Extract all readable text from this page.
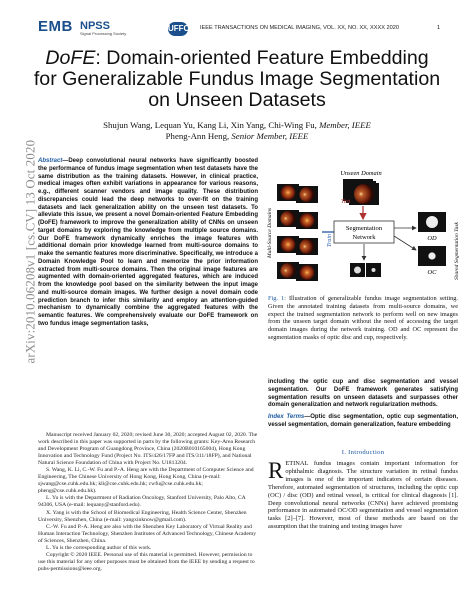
EMB NPSS
Signal Processing Society
UFFC IEEE TRANSACTIONS ON MEDICAL IMAGING, VOL. XX, NO. XX, XXXX 2020	1
DoFE: Domain-oriented Feature Embedding
for Generalizable Fundus Image Segmentation
on Unseen Datasets
Shujun Wang, Lequan Yu, Kang Li, Xin Yang, Chi-Wing Fu, Member, IEEE
Pheng-Ann Heng, Senior Member, IEEE
arXiv:2010.06208v1 [cs.CV] 13 Oct 2020 Abstract—Deep convolutional neural networks have significantly boosted the performance of fundus image segmentation when test datasets have the same distribution as the training datasets. However, in clinical practice, medical images often exhibit variations in appearance for various reasons, e.g., different scanner vendors and image quality. These distribution discrepancies could lead the deep networks to over-fit on the training datasets and lack generalization ability on the unseen test datasets. To alleviate this issue, we present a novel Domain-oriented Feature Embedding (DoFE) framework to improve the generalization ability of CNNs on unseen target domains by exploring the knowledge from multiple source domains. Our DoFE framework dynamically enriches the image features with additional domain prior knowledge learned from multi-source domains to make the semantic features more discriminative. Specifically, we introduce a Domain Knowledge Pool to learn and memorize the prior information extracted from multi-source domains. Then the original image features are augmented with domain-oriented aggregated features, which are induced from the knowledge pool based on the similarity between the input image and multi-source domain images. We further design a novel domain code prediction branch to infer this similarity and employ an attention-guided mechanism to dynamically combine the aggregated features with the semantic features. We comprehensively evaluate our DoFE framework on two fundus image segmentation tasks,

Manuscript received January 02, 2020; revised June 30, 2020; accepted August 02, 2020. The work described in this paper was supported in parts by the following grants: Key-Area Research and Development Program of Guangdong Province, China (2020B010165004), Hong Kong Innovation and Technology Fund (Project No. ITS/426/17FP and ITS/311/18FP), and National Natural Science Foundation of China with Project No. U1813204.

S. Wang, K. Li, C.-W. Fu and P.-A. Heng are with the Department of Computer Science and Engineering, The Chinese University of Hong Kong, Hong Kong, China (e-mail: sjwang@cse.cuhk.edu.hk; kli@cse.cuhk.edu.hk; cwfu@cse.cuhk.edu.hk; pheng@cse.cuhk.edu.hk).

L. Yu is with the Department of Radiation Oncology, Stanford University, Palo Alto, CA 94306, USA (e-mail: lequany@stanford.edu).

X. Yang is with the School of Biomedical Engineering, Health Science Center, Shenzhen University, Shenzhen, China (e-mail: yangxinknow@gmail.com).

C.-W. Fu and P.-A. Heng are also with the Shenzhen Key Laboratory of Virtual Reality and Human Interaction Technology, Shenzhen Institutes of Advanced Technology, Chinese Academy of Sciences, Shenzhen, China.

L. Yu is the corresponding author of this work.

Copyright © 2020 IEEE. Personal use of this material is permitted. However, permission to use this material for any other purposes must be obtained from the IEEE by sending a request to pubs-permissions@ieee.org.

Unseen Domain
Test
Multi-Source Domains	Train
Segmentation
Network	OD
OC	Shared Segmentation Task
Fig. 1: Illustration of generalizable fundus image segmentation setting. Given the annotated training datasets from multi-source domains, we expect the trained segmentation network to perform well on new images from the unseen target domain without the need of accessing the target domain images during the network training. OD and OC represent the segmentation masks of optic disc and cup, respectively.
including the optic cup and disc segmentation and vessel segmentation. Our DoFE framework generates satisfying segmentation results on unseen datasets and surpasses other domain generalization and network regularization methods.
Index Terms—Optic disc segmentation, optic cup segmentation, vessel segmentation, domain generalization, feature embedding
I. Introduction
RETINAL fundus images contain important information for ophthalmic diagnosis. The structure variation in retinal fundus images is one of the important indicators of certain diseases. Therefore, automated segmentation of structures, including the optic cup (OC) / disc (OD) and retinal vessel, is critical for clinical diagnosis [1]. Deep convolutional neural networks (CNNs) have achieved promising performance in automated OC/OD segmentation and vessel segmentation tasks [2]–[7]. However, most of these methods are based on the assumption that the training and testing images have
